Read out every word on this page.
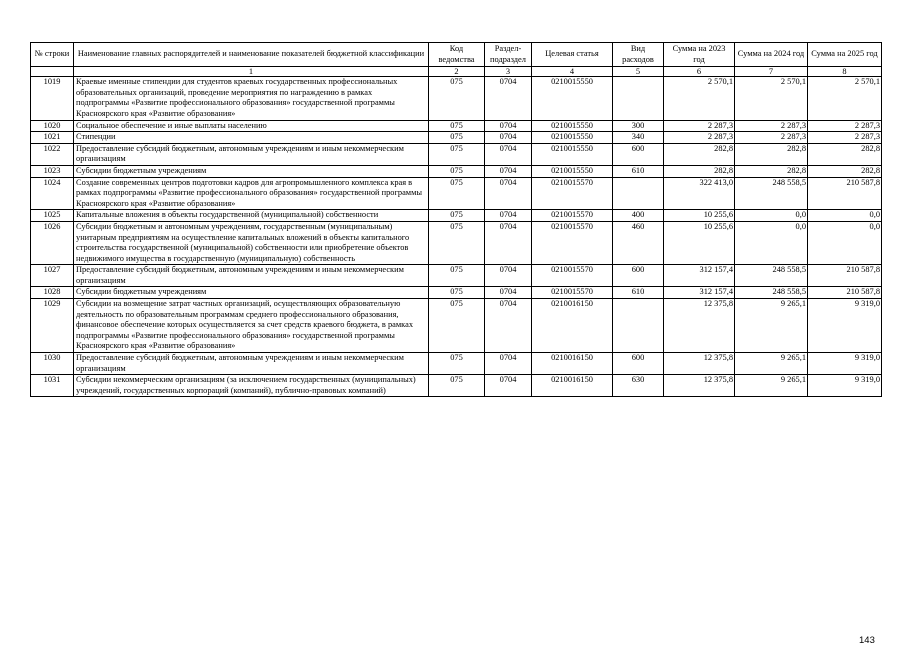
№ строки	Наименование главных распорядителей и наименование показателей бюджетной классификации	Код ведомства	Раздел-подраздел	Целевая статья	Вид расходов	Сумма на 2023 год	Сумма на 2024 год	Сумма на 2025 год
	1	2	3	4	5	6	7	8
1019	Краевые именные стипендии для студентов краевых государственных профессиональных образовательных организаций, проведение мероприятия по награждению в рамках подпрограммы «Развитие профессионального образования» государственной программы Красноярского края «Развитие образования»	075	0704	0210015550		2 570,1	2 570,1	2 570,1
1020	Социальное обеспечение и иные выплаты населению	075	0704	0210015550	300	2 287,3	2 287,3	2 287,3
1021	Стипендии	075	0704	0210015550	340	2 287,3	2 287,3	2 287,3
1022	Предоставление субсидий бюджетным, автономным учреждениям и иным некоммерческим организациям	075	0704	0210015550	600	282,8	282,8	282,8
1023	Субсидии бюджетным учреждениям	075	0704	0210015550	610	282,8	282,8	282,8
1024	Создание современных центров подготовки кадров для агропромышленного комплекса края в рамках подпрограммы «Развитие профессионального образования» государственной программы Красноярского края «Развитие образования»	075	0704	0210015570		322 413,0	248 558,5	210 587,8
1025	Капитальные вложения в объекты государственной (муниципальной) собственности	075	0704	0210015570	400	10 255,6	0,0	0,0
1026	Субсидии бюджетным и автономным учреждениям, государственным (муниципальным) унитарным предприятиям на осуществление капитальных вложений в объекты капитального строительства государственной (муниципальной) собственности или приобретение объектов недвижимого имущества в государственную (муниципальную) собственность	075	0704	0210015570	460	10 255,6	0,0	0,0
1027	Предоставление субсидий бюджетным, автономным учреждениям и иным некоммерческим организациям	075	0704	0210015570	600	312 157,4	248 558,5	210 587,8
1028	Субсидии бюджетным учреждениям	075	0704	0210015570	610	312 157,4	248 558,5	210 587,8
1029	Субсидии на возмещение затрат частных организаций, осуществляющих образовательную деятельность по образовательным программам среднего профессионального образования, финансовое обеспечение которых осуществляется за счет средств краевого бюджета, в рамках подпрограммы «Развитие профессионального образования» государственной программы Красноярского края «Развитие образования»	075	0704	0210016150		12 375,8	9 265,1	9 319,0
1030	Предоставление субсидий бюджетным, автономным учреждениям и иным некоммерческим организациям	075	0704	0210016150	600	12 375,8	9 265,1	9 319,0
1031	Субсидии некоммерческим организациям (за исключением государственных (муниципальных) учреждений, государственных корпораций (компаний), публично-правовых компаний)	075	0704	0210016150	630	12 375,8	9 265,1	9 319,0
143
